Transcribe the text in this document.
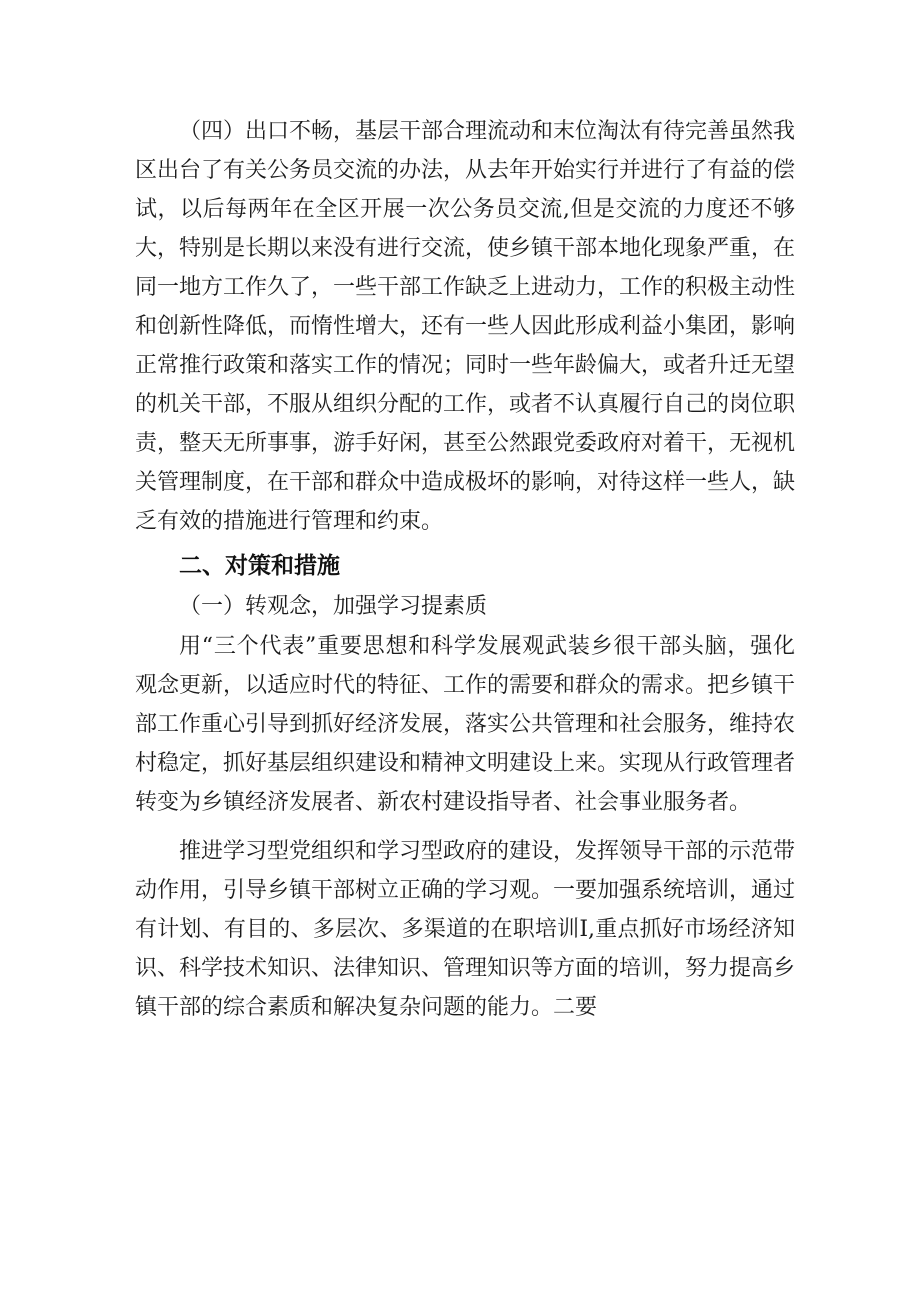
（四）出口不畅，基层干部合理流动和末位淘汰有待完善虽然我区出台了有关公务员交流的办法，从去年开始实行并进行了有益的偿试，以后每两年在全区开展一次公务员交流,但是交流的力度还不够大，特别是长期以来没有进行交流，使乡镇干部本地化现象严重，在同一地方工作久了，一些干部工作缺乏上进动力，工作的积极主动性和创新性降低，而惰性增大，还有一些人因此形成利益小集团，影响正常推行政策和落实工作的情况；同时一些年龄偏大，或者升迁无望的机关干部，不服从组织分配的工作，或者不认真履行自己的岗位职责，整天无所事事，游手好闲，甚至公然跟党委政府对着干，无视机关管理制度，在干部和群众中造成极坏的影响，对待这样一些人，缺乏有效的措施进行管理和约束。

二、对策和措施

（一）转观念，加强学习提素质

用“三个代表”重要思想和科学发展观武装乡很干部头脑，强化观念更新，以适应时代的特征、工作的需要和群众的需求。把乡镇干部工作重心引导到抓好经济发展，落实公共管理和社会服务，维持农村稳定，抓好基层组织建设和精神文明建设上来。实现从行政管理者转变为乡镇经济发展者、新农村建设指导者、社会事业服务者。

推进学习型党组织和学习型政府的建设，发挥领导干部的示范带动作用，引导乡镇干部树立正确的学习观。一要加强系统培训，通过有计划、有目的、多层次、多渠道的在职培训I,重点抓好市场经济知识、科学技术知识、法律知识、管理知识等方面的培训，努力提高乡镇干部的综合素质和解决复杂问题的能力。二要
